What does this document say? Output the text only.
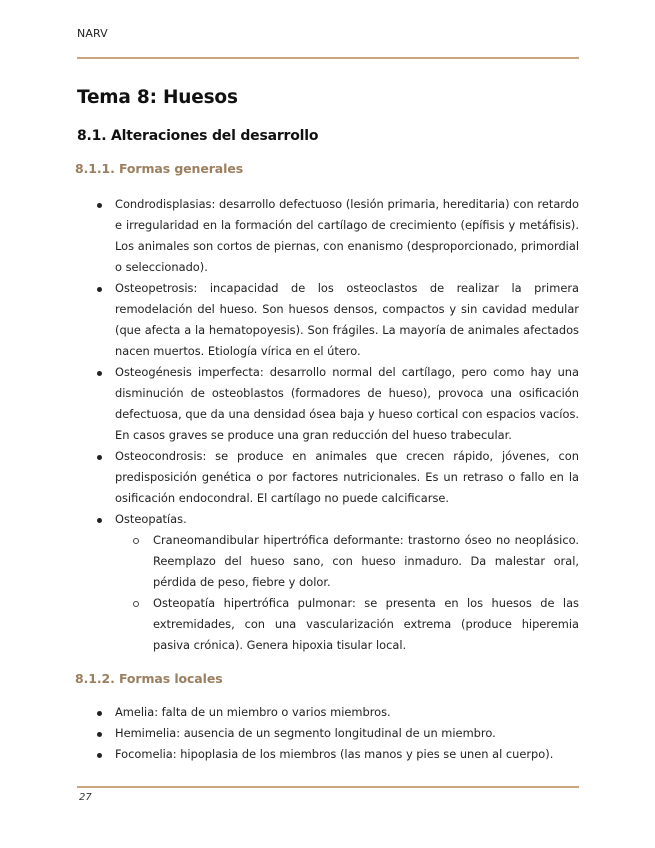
NARV
Tema 8: Huesos
8.1. Alteraciones del desarrollo
8.1.1. Formas generales
Condrodisplasias: desarrollo defectuoso (lesión primaria, hereditaria) con retardo e irregularidad en la formación del cartílago de crecimiento (epífisis y metáfisis). Los animales son cortos de piernas, con enanismo (desproporcionado, primordial o seleccionado).
Osteopetrosis: incapacidad de los osteoclastos de realizar la primera remodelación del hueso. Son huesos densos, compactos y sin cavidad medular (que afecta a la hematopoyesis). Son frágiles. La mayoría de animales afectados nacen muertos. Etiología vírica en el útero.
Osteogénesis imperfecta: desarrollo normal del cartílago, pero como hay una disminución de osteoblastos (formadores de hueso), provoca una osificación defectuosa, que da una densidad ósea baja y hueso cortical con espacios vacíos. En casos graves se produce una gran reducción del hueso trabecular.
Osteocondrosis: se produce en animales que crecen rápido, jóvenes, con predisposición genética o por factores nutricionales. Es un retraso o fallo en la osificación endocondral. El cartílago no puede calcificarse.
Osteopatías.
Craneomandibular hipertrófica deformante: trastorno óseo no neoplásico. Reemplazo del hueso sano, con hueso inmaduro. Da malestar oral, pérdida de peso, fiebre y dolor.
Osteopatía hipertrófica pulmonar: se presenta en los huesos de las extremidades, con una vascularización extrema (produce hiperemia pasiva crónica). Genera hipoxia tisular local.
8.1.2. Formas locales
Amelia: falta de un miembro o varios miembros.
Hemimelia: ausencia de un segmento longitudinal de un miembro.
Focomelia: hipoplasia de los miembros (las manos y pies se unen al cuerpo).
27
